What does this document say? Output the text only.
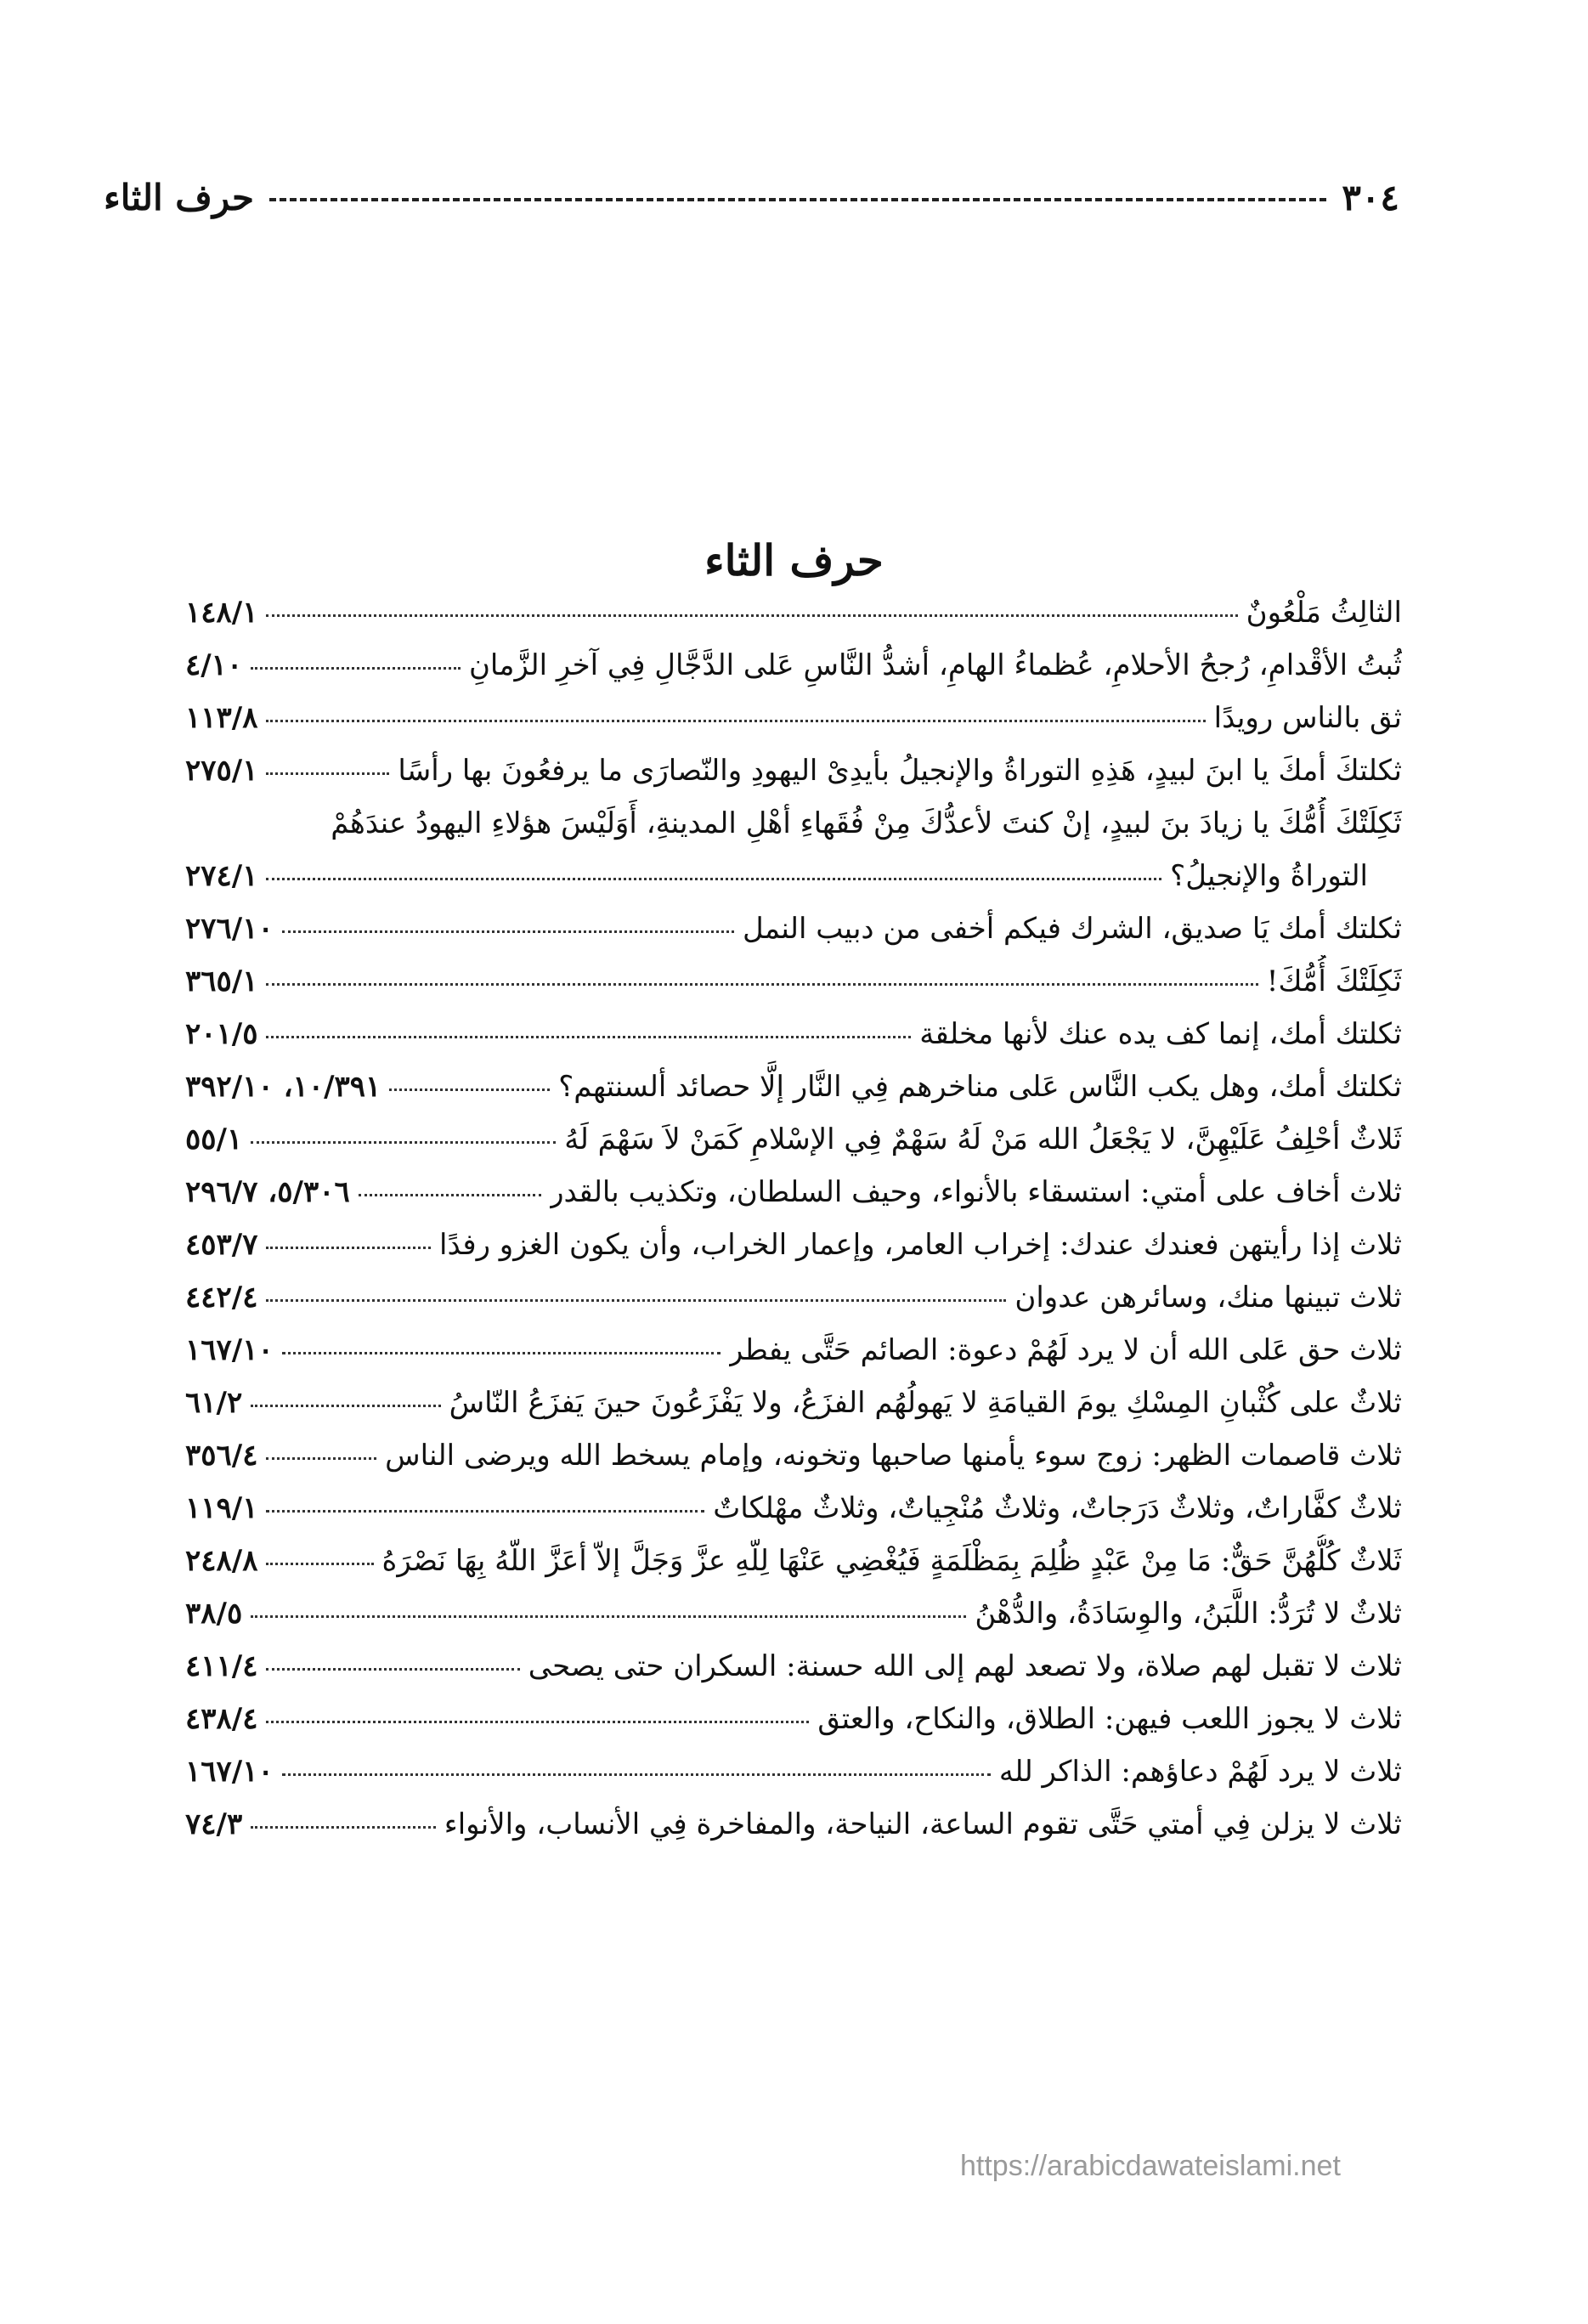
٣٠٤
حرف الثاء
حرف الثاء
الثالِثُ مَلْعُونٌ
١٤٨/١
ثُبتُ الأقْدامِ، رُجحُ الأحلامِ، عُظماءُ الهامِ، أشدُّ النَّاسِ عَلى الدَّجَّالِ فِي آخرِ الزَّمانِ
٤/١٠
ثق بالناس رويدًا
١١٣/٨
ثكلتكَ أمكَ يا ابنَ لبيدٍ، هَذِهِ التوراةُ والإنجيلُ بأيدِىْ اليهودِ والنّصارَى ما يرفعُونَ بها رأسًا
٢٧٥/١
ثَكِلَتْكَ أُمُّكَ يا زيادَ بنَ لبيدٍ، إنْ كنتَ لأعدُّكَ مِنْ فُقَهاءِ أهْلِ المدينةِ، أَوَلَيْسَ هؤلاءِ اليهودُ عندَهُمْ
التوراةُ والإنجيلُ؟
٢٧٤/١
ثكلتك أمك يَا صديق، الشرك فيكم أخفى من دبيب النمل
٢٧٦/١٠
ثَكِلَتْكَ أُمُّكَ!
٣٦٥/١
ثكلتك أمك، إنما كف يده عنك لأنها مخلقة
٢٠١/٥
ثكلتك أمك، وهل يكب النَّاس عَلى مناخرهم فِي النَّار إلَّا حصائد ألسنتهم؟
١٠/٣٩١، ٣٩٢/١٠
ثَلاثٌ أحْلِفُ عَلَيْهِنَّ، لا يَجْعَلُ الله مَنْ لَهُ سَهْمٌ فِي الإسْلامِ كَمَنْ لاَ سَهْمَ لَهُ
٥٥/١
ثلاث أخاف على أمتي: استسقاء بالأنواء، وحيف السلطان، وتكذيب بالقدر
٥/٣٠٦، ٢٩٦/٧
ثلاث إذا رأيتهن فعندك عندك: إخراب العامر، وإعمار الخراب، وأن يكون الغزو رفدًا
٤٥٣/٧
ثلاث تبينها منك، وسائرهن عدوان
٤٤٢/٤
ثلاث حق عَلى الله أن لا يرد لَهُمْ دعوة: الصائم حَتَّى يفطر
١٦٧/١٠
ثلاثٌ على كُثْبانِ المِسْكِ يومَ القيامَةِ لا يَهولُهُم الفزَعُ، ولا يَفْزَعُونَ حينَ يَفزَعُ النّاسُ
٦١/٢
ثلاث قاصمات الظهر: زوج سوء يأمنها صاحبها وتخونه، وإمام يسخط الله ويرضى الناس
٣٥٦/٤
ثلاثٌ كفَّاراتٌ، وثلاثٌ دَرَجاتٌ، وثلاثٌ مُنْجِياتٌ، وثلاثٌ مهْلكاتٌ
١١٩/١
ثَلاثٌ كُلُّهُنَّ حَقٌّ: مَا مِنْ عَبْدٍ ظُلِمَ بِمَظْلَمَةٍ فَيُغْضِي عَنْهَا لِلّهِ عزَّ وَجَلَّ إلاّ أعَزَّ اللّهُ بِهَا نَصْرَهُ
٢٤٨/٨
ثلاثٌ لا تُرَدُّ: اللَّبَنُ، والوِسَادَةُ، والدُّهْنُ
٣٨/٥
ثلاث لا تقبل لهم صلاة، ولا تصعد لهم إلى الله حسنة: السكران حتى يصحى
٤١١/٤
ثلاث لا يجوز اللعب فيهن: الطلاق، والنكاح، والعتق
٤٣٨/٤
ثلاث لا يرد لَهُمْ دعاؤهم: الذاكر لله
١٦٧/١٠
ثلاث لا يزلن فِي أمتي حَتَّى تقوم الساعة، النياحة، والمفاخرة فِي الأنساب، والأنواء
٧٤/٣
https://arabicdawateislami.net
